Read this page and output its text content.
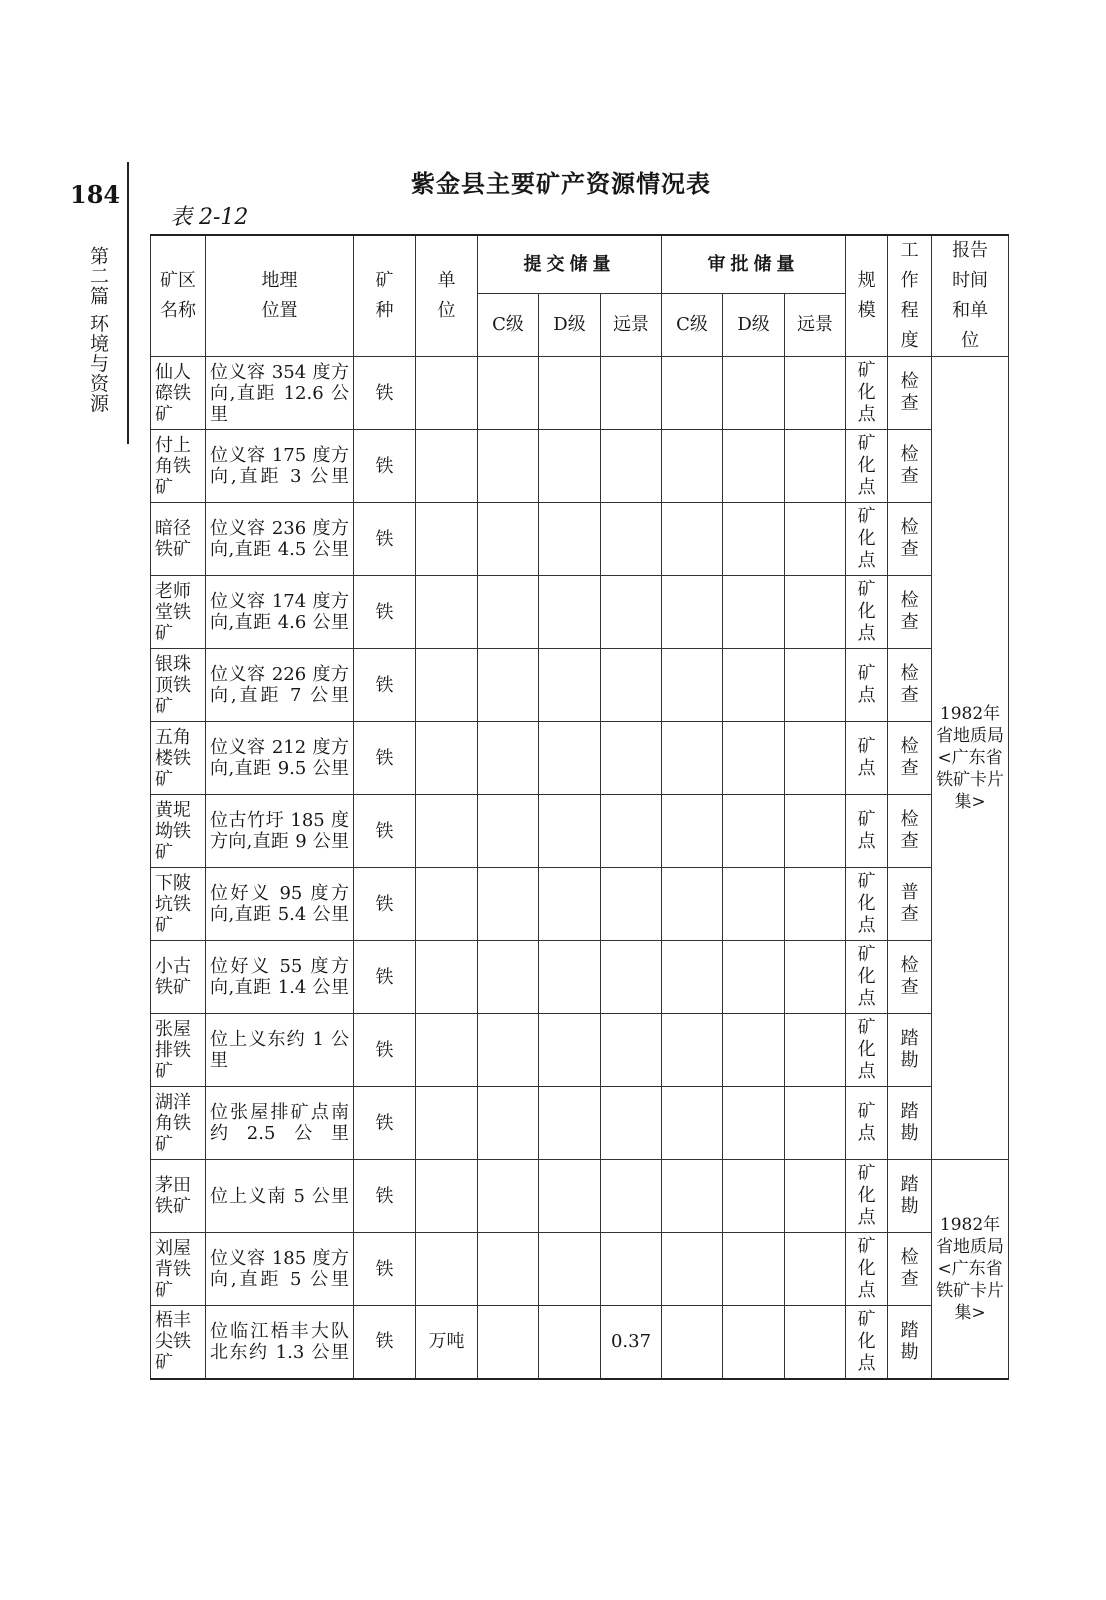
184
第二篇 环境与资源
紫金县主要矿产资源情况表
表 2-12
矿区名称	地理位置	矿种	单位	提交储量			审批储量			规模	工作程度	报告时间和单位
				C级	D级	远景	C级	D级	远景			
仙人磜铁矿	位义容 354 度方向,直距 12.6 公里	铁								矿化点	检查	1982年省地质局<广东省铁矿卡片集>
付上角铁矿	位义容 175 度方向,直距 3 公里	铁								矿化点	检查	
暗径铁矿	位义容 236 度方向,直距 4.5 公里	铁								矿化点	检查	
老师堂铁矿	位义容 174 度方向,直距 4.6 公里	铁								矿化点	检查	
银珠顶铁矿	位义容 226 度方向,直距 7 公里	铁								矿点	检查	
五角楼铁矿	位义容 212 度方向,直距 9.5 公里	铁								矿点	检查	
黄坭坳铁矿	位古竹圩 185 度方向,直距 9 公里	铁								矿点	检查	
下陂坑铁矿	位好义 95 度方向,直距 5.4 公里	铁								矿化点	普查	
小古铁矿	位好义 55 度方向,直距 1.4 公里	铁								矿化点	检查	
张屋排铁矿	位上义东约 1 公里	铁								矿化点	踏勘	
湖洋角铁矿	位张屋排矿点南约2.5公里	铁								矿点	踏勘	
茅田铁矿	位上义南 5 公里	铁								矿化点	踏勘	1982年省地质局<广东省铁矿卡片集>
刘屋背铁矿	位义容 185 度方向,直距 5 公里	铁								矿化点	检查	
梧丰尖铁矿	位临江梧丰大队北东约 1.3 公里	铁	万吨			0.37				矿化点	踏勘	
